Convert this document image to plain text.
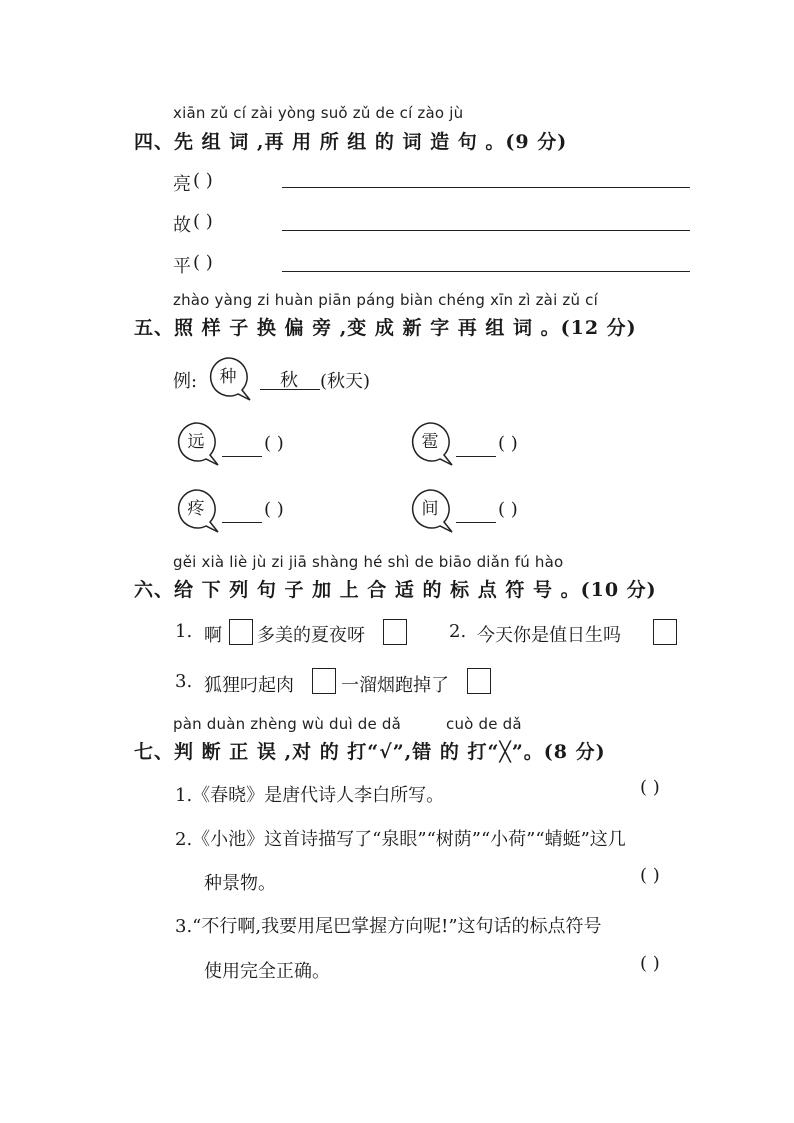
xiān zǔ cí zài yòng suǒ zǔ de cí zào jù
四、先 组 词 ,再 用 所 组 的 词 造 句 。(9 分)
亮 ( )
故 ( )
平 ( )
zhào yàng zi huàn piān páng biàn chéng xīn zì zài zǔ cí
五、照 样 子 换 偏 旁 ,变 成 新 字 再 组 词 。(12 分)
例:	种	秋 (秋天)
远	( )	雹	( )
疼	( )	间	( )
gěi xià liè jù zi jiā shàng hé shì de biāo diǎn fú hào
六、给 下 列 句 子 加 上 合 适 的 标 点 符 号 。(10 分)
1. 啊 多美的夏夜呀	2. 今天你是值日生吗
3. 狐狸叼起肉	一溜烟跑掉了
pàn duàn zhèng wù duì de dǎ	cuò de dǎ
七、判 断 正 误 ,对 的 打“√”,错 的 打“╳”。(8 分)
1.《春晓》是唐代诗人李白所写。	( )
2.《小池》这首诗描写了“泉眼”“树荫”“小荷”“蜻蜓”这几
种景物。	( )
3.“不行啊,我要用尾巴掌握方向呢!”这句话的标点符号
使用完全正确。	( )
